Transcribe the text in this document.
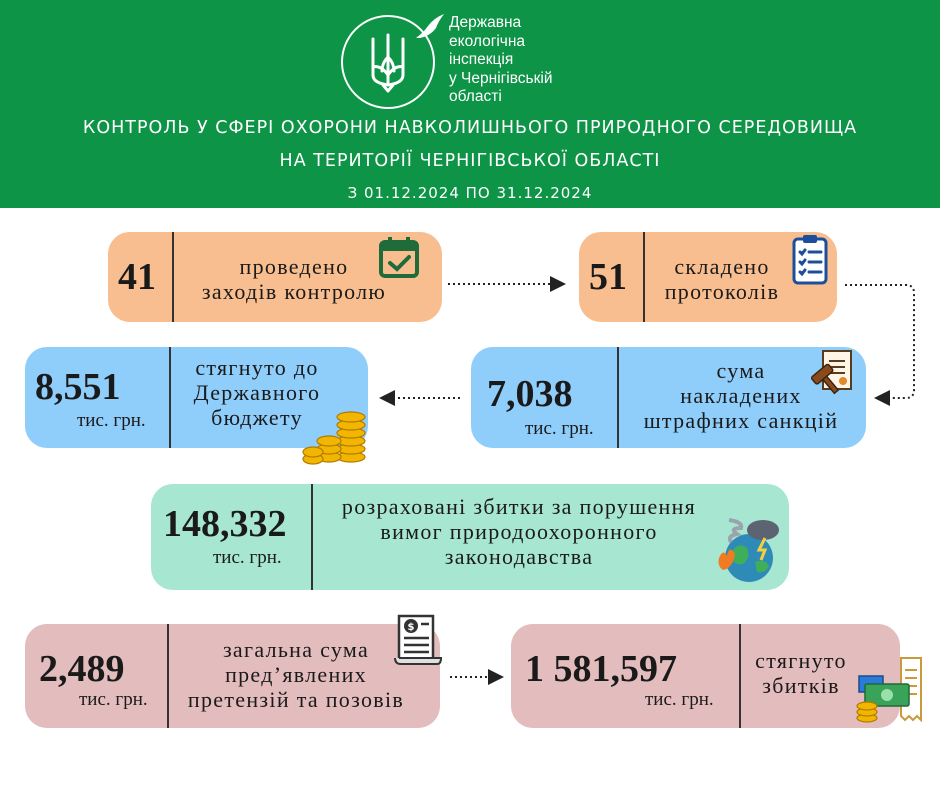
Державна
екологічна
інспекція
у Чернігівській
області
КОНТРОЛЬ У СФЕРІ ОХОРОНИ НАВКОЛИШНЬОГО ПРИРОДНОГО СЕРЕДОВИЩА
НА ТЕРИТОРІЇ ЧЕРНІГІВСЬКОЇ ОБЛАСТІ
З 01.12.2024 ПО 31.12.2024
41	проведено
заходів контролю	51	складено
протоколів
8,551
тис. грн.
стягнуто до
Державного
бюджету
7,038
тис. грн.
сума
накладених
штрафних санкцій
148,332
тис. грн.
розраховані збитки за порушення
вимог природоохоронного
законодавства
2,489
тис. грн.
загальна сума
пред’явлених
претензій та позовів
$
1 581,597
тис. грн.
стягнуто
збитків
